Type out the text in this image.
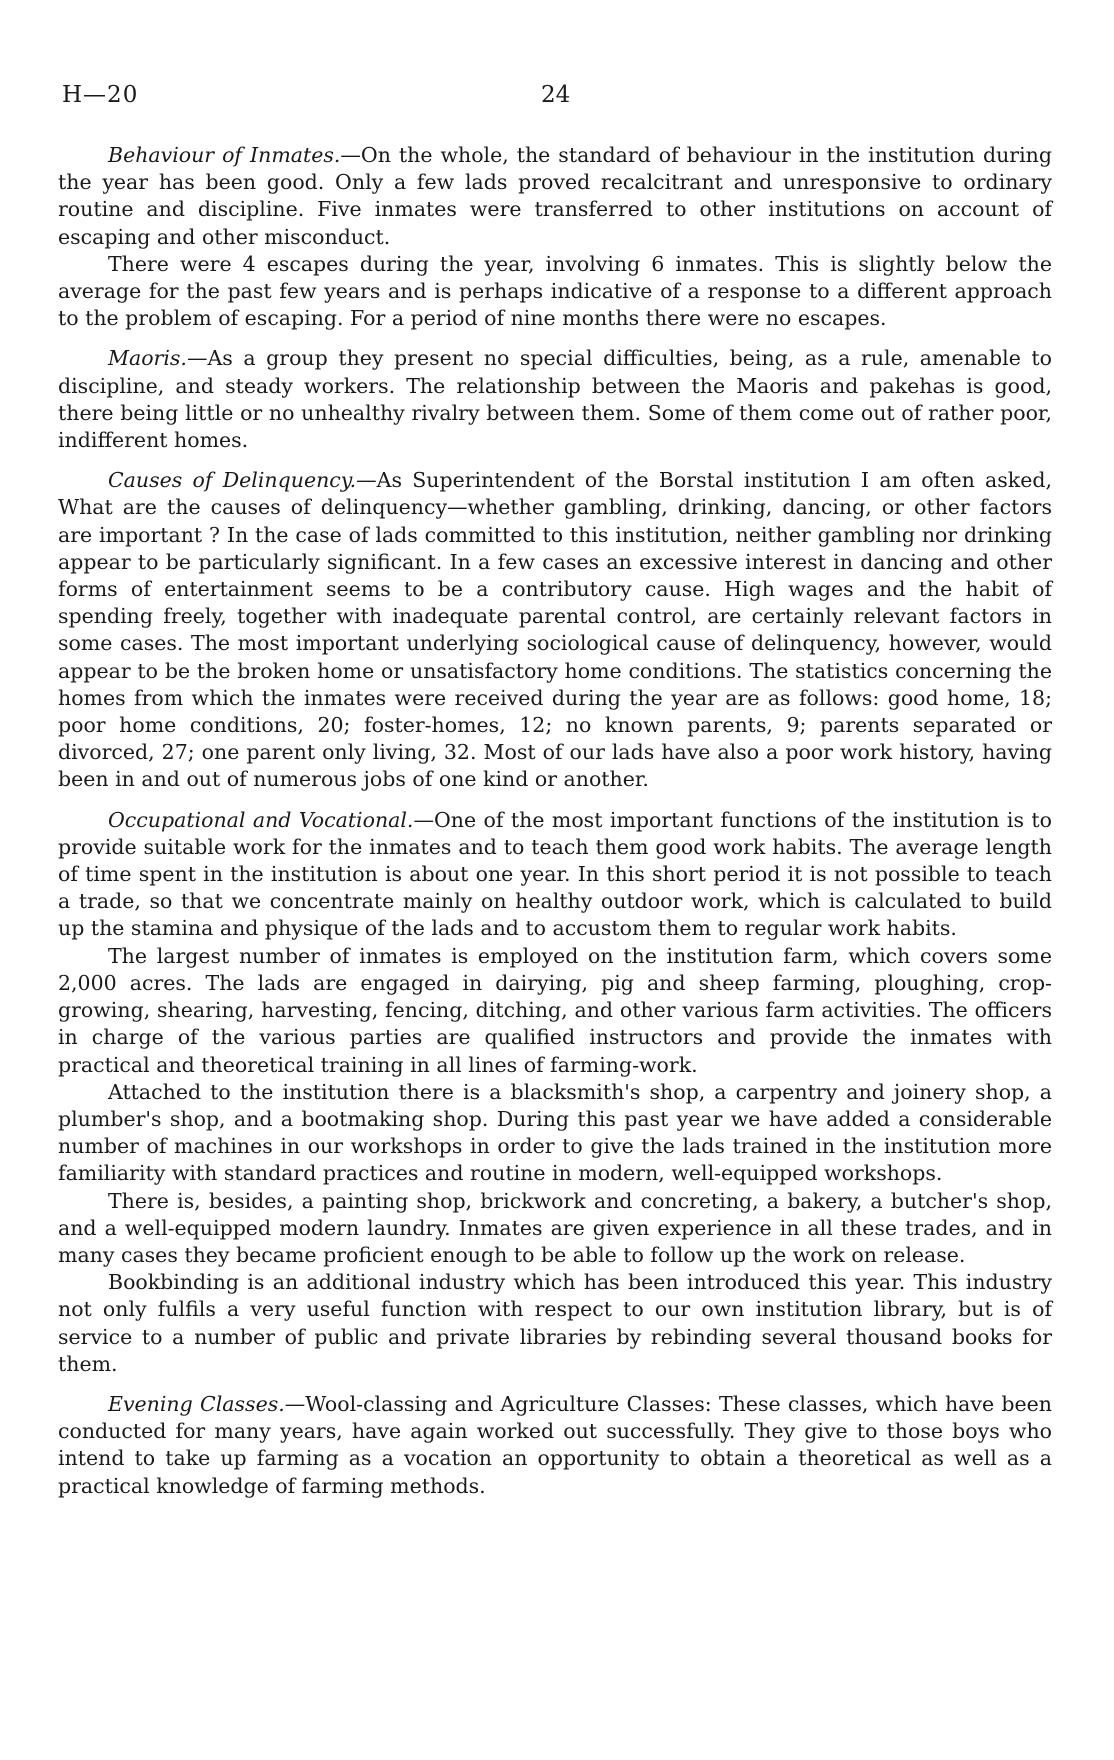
H—20	24

Behaviour of Inmates.—On the whole, the standard of behaviour in the institution during the year has been good. Only a few lads proved recalcitrant and unresponsive to ordinary routine and discipline. Five inmates were transferred to other institutions on account of escaping and other misconduct.

There were 4 escapes during the year, involving 6 inmates. This is slightly below the average for the past few years and is perhaps indicative of a response to a different approach to the problem of escaping. For a period of nine months there were no escapes.

Maoris.—As a group they present no special difficulties, being, as a rule, amenable to discipline, and steady workers. The relationship between the Maoris and pakehas is good, there being little or no unhealthy rivalry between them. Some of them come out of rather poor, indifferent homes.

Causes of Delinquency.—As Superintendent of the Borstal institution I am often asked, What are the causes of delinquency—whether gambling, drinking, dancing, or other factors are important ? In the case of lads committed to this institution, neither gambling nor drinking appear to be particularly significant. In a few cases an excessive interest in dancing and other forms of entertainment seems to be a contributory cause. High wages and the habit of spending freely, together with inadequate parental control, are certainly relevant factors in some cases. The most important underlying sociological cause of delinquency, however, would appear to be the broken home or unsatisfactory home conditions. The statistics concerning the homes from which the inmates were received during the year are as follows: good home, 18; poor home conditions, 20; foster-homes, 12; no known parents, 9; parents separated or divorced, 27; one parent only living, 32. Most of our lads have also a poor work history, having been in and out of numerous jobs of one kind or another.

Occupational and Vocational.—One of the most important functions of the institution is to provide suitable work for the inmates and to teach them good work habits. The average length of time spent in the institution is about one year. In this short period it is not possible to teach a trade, so that we concentrate mainly on healthy outdoor work, which is calculated to build up the stamina and physique of the lads and to accustom them to regular work habits.

The largest number of inmates is employed on the institution farm, which covers some 2,000 acres. The lads are engaged in dairying, pig and sheep farming, ploughing, crop-growing, shearing, harvesting, fencing, ditching, and other various farm activities. The officers in charge of the various parties are qualified instructors and provide the inmates with practical and theoretical training in all lines of farming-work.

Attached to the institution there is a blacksmith's shop, a carpentry and joinery shop, a plumber's shop, and a bootmaking shop. During this past year we have added a considerable number of machines in our workshops in order to give the lads trained in the institution more familiarity with standard practices and routine in modern, well-equipped workshops.

There is, besides, a painting shop, brickwork and concreting, a bakery, a butcher's shop, and a well-equipped modern laundry. Inmates are given experience in all these trades, and in many cases they became proficient enough to be able to follow up the work on release.

Bookbinding is an additional industry which has been introduced this year. This industry not only fulfils a very useful function with respect to our own institution library, but is of service to a number of public and private libraries by rebinding several thousand books for them.

Evening Classes.—Wool-classing and Agriculture Classes: These classes, which have been conducted for many years, have again worked out successfully. They give to those boys who intend to take up farming as a vocation an opportunity to obtain a theoretical as well as a practical knowledge of farming methods.
